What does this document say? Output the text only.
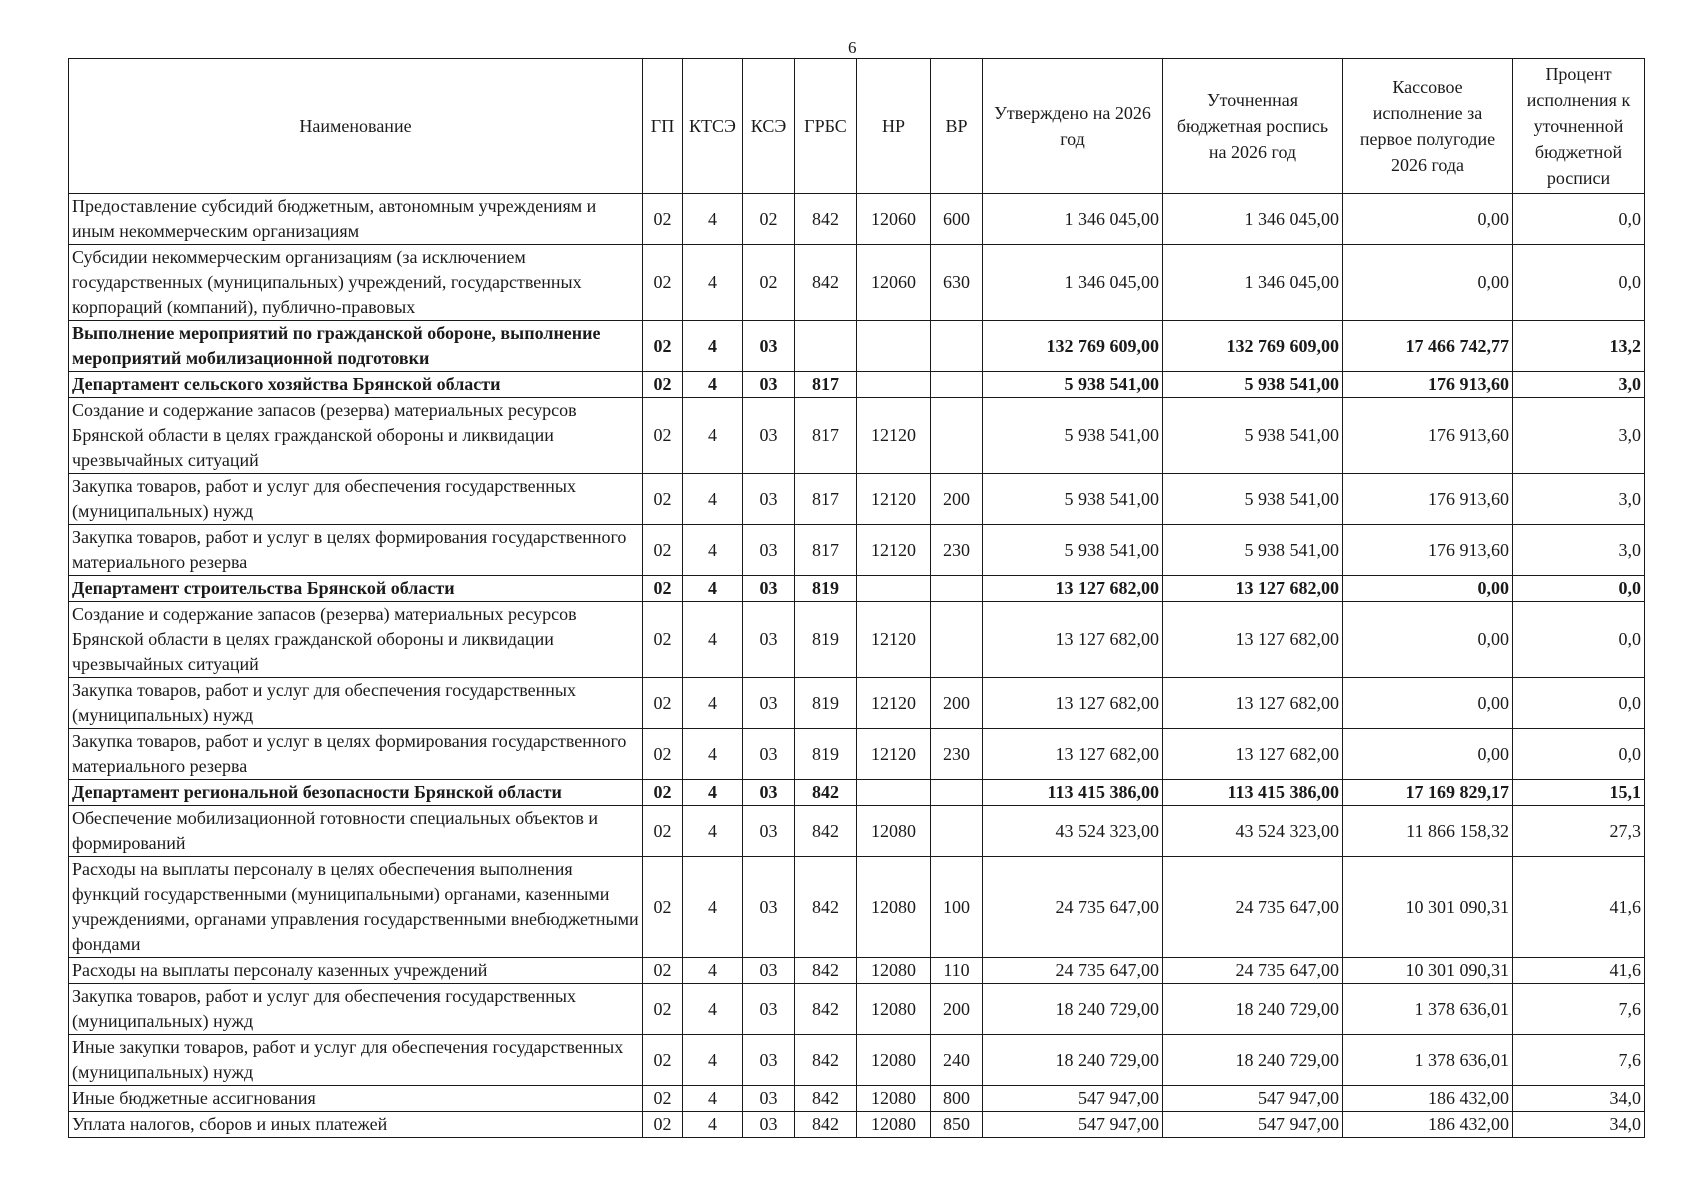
6
Наименование	ГП	КТСЭ	КСЭ	ГРБС	НР	ВР	Утверждено на 2026 год	Уточненная бюджетная роспись на 2026 год	Кассовое исполнение за первое полугодие 2026 года	Процент исполнения к уточненной бюджетной росписи
Предоставление субсидий бюджетным, автономным учреждениям и иным некоммерческим организациям	02	4	02	842	12060	600	1 346 045,00	1 346 045,00	0,00	0,0
Субсидии некоммерческим организациям (за исключением государственных (муниципальных) учреждений, государственных корпораций (компаний), публично-правовых	02	4	02	842	12060	630	1 346 045,00	1 346 045,00	0,00	0,0
Выполнение мероприятий по гражданской обороне, выполнение мероприятий мобилизационной подготовки	02	4	03				132 769 609,00	132 769 609,00	17 466 742,77	13,2
Департамент сельского хозяйства Брянской области	02	4	03	817			5 938 541,00	5 938 541,00	176 913,60	3,0
Создание и содержание запасов (резерва) материальных ресурсов Брянской области в целях гражданской обороны и ликвидации чрезвычайных ситуаций	02	4	03	817	12120		5 938 541,00	5 938 541,00	176 913,60	3,0
Закупка товаров, работ и услуг для обеспечения государственных (муниципальных) нужд	02	4	03	817	12120	200	5 938 541,00	5 938 541,00	176 913,60	3,0
Закупка товаров, работ и услуг в целях формирования государственного материального резерва	02	4	03	817	12120	230	5 938 541,00	5 938 541,00	176 913,60	3,0
Департамент строительства Брянской области	02	4	03	819			13 127 682,00	13 127 682,00	0,00	0,0
Создание и содержание запасов (резерва) материальных ресурсов Брянской области в целях гражданской обороны и ликвидации чрезвычайных ситуаций	02	4	03	819	12120		13 127 682,00	13 127 682,00	0,00	0,0
Закупка товаров, работ и услуг для обеспечения государственных (муниципальных) нужд	02	4	03	819	12120	200	13 127 682,00	13 127 682,00	0,00	0,0
Закупка товаров, работ и услуг в целях формирования государственного материального резерва	02	4	03	819	12120	230	13 127 682,00	13 127 682,00	0,00	0,0
Департамент региональной безопасности Брянской области	02	4	03	842			113 415 386,00	113 415 386,00	17 169 829,17	15,1
Обеспечение мобилизационной готовности специальных объектов и формирований	02	4	03	842	12080		43 524 323,00	43 524 323,00	11 866 158,32	27,3
Расходы на выплаты персоналу в целях обеспечения выполнения функций государственными (муниципальными) органами, казенными учреждениями, органами управления государственными внебюджетными фондами	02	4	03	842	12080	100	24 735 647,00	24 735 647,00	10 301 090,31	41,6
Расходы на выплаты персоналу казенных учреждений	02	4	03	842	12080	110	24 735 647,00	24 735 647,00	10 301 090,31	41,6
Закупка товаров, работ и услуг для обеспечения государственных (муниципальных) нужд	02	4	03	842	12080	200	18 240 729,00	18 240 729,00	1 378 636,01	7,6
Иные закупки товаров, работ и услуг для обеспечения государственных (муниципальных) нужд	02	4	03	842	12080	240	18 240 729,00	18 240 729,00	1 378 636,01	7,6
Иные бюджетные ассигнования	02	4	03	842	12080	800	547 947,00	547 947,00	186 432,00	34,0
Уплата налогов, сборов и иных платежей	02	4	03	842	12080	850	547 947,00	547 947,00	186 432,00	34,0
